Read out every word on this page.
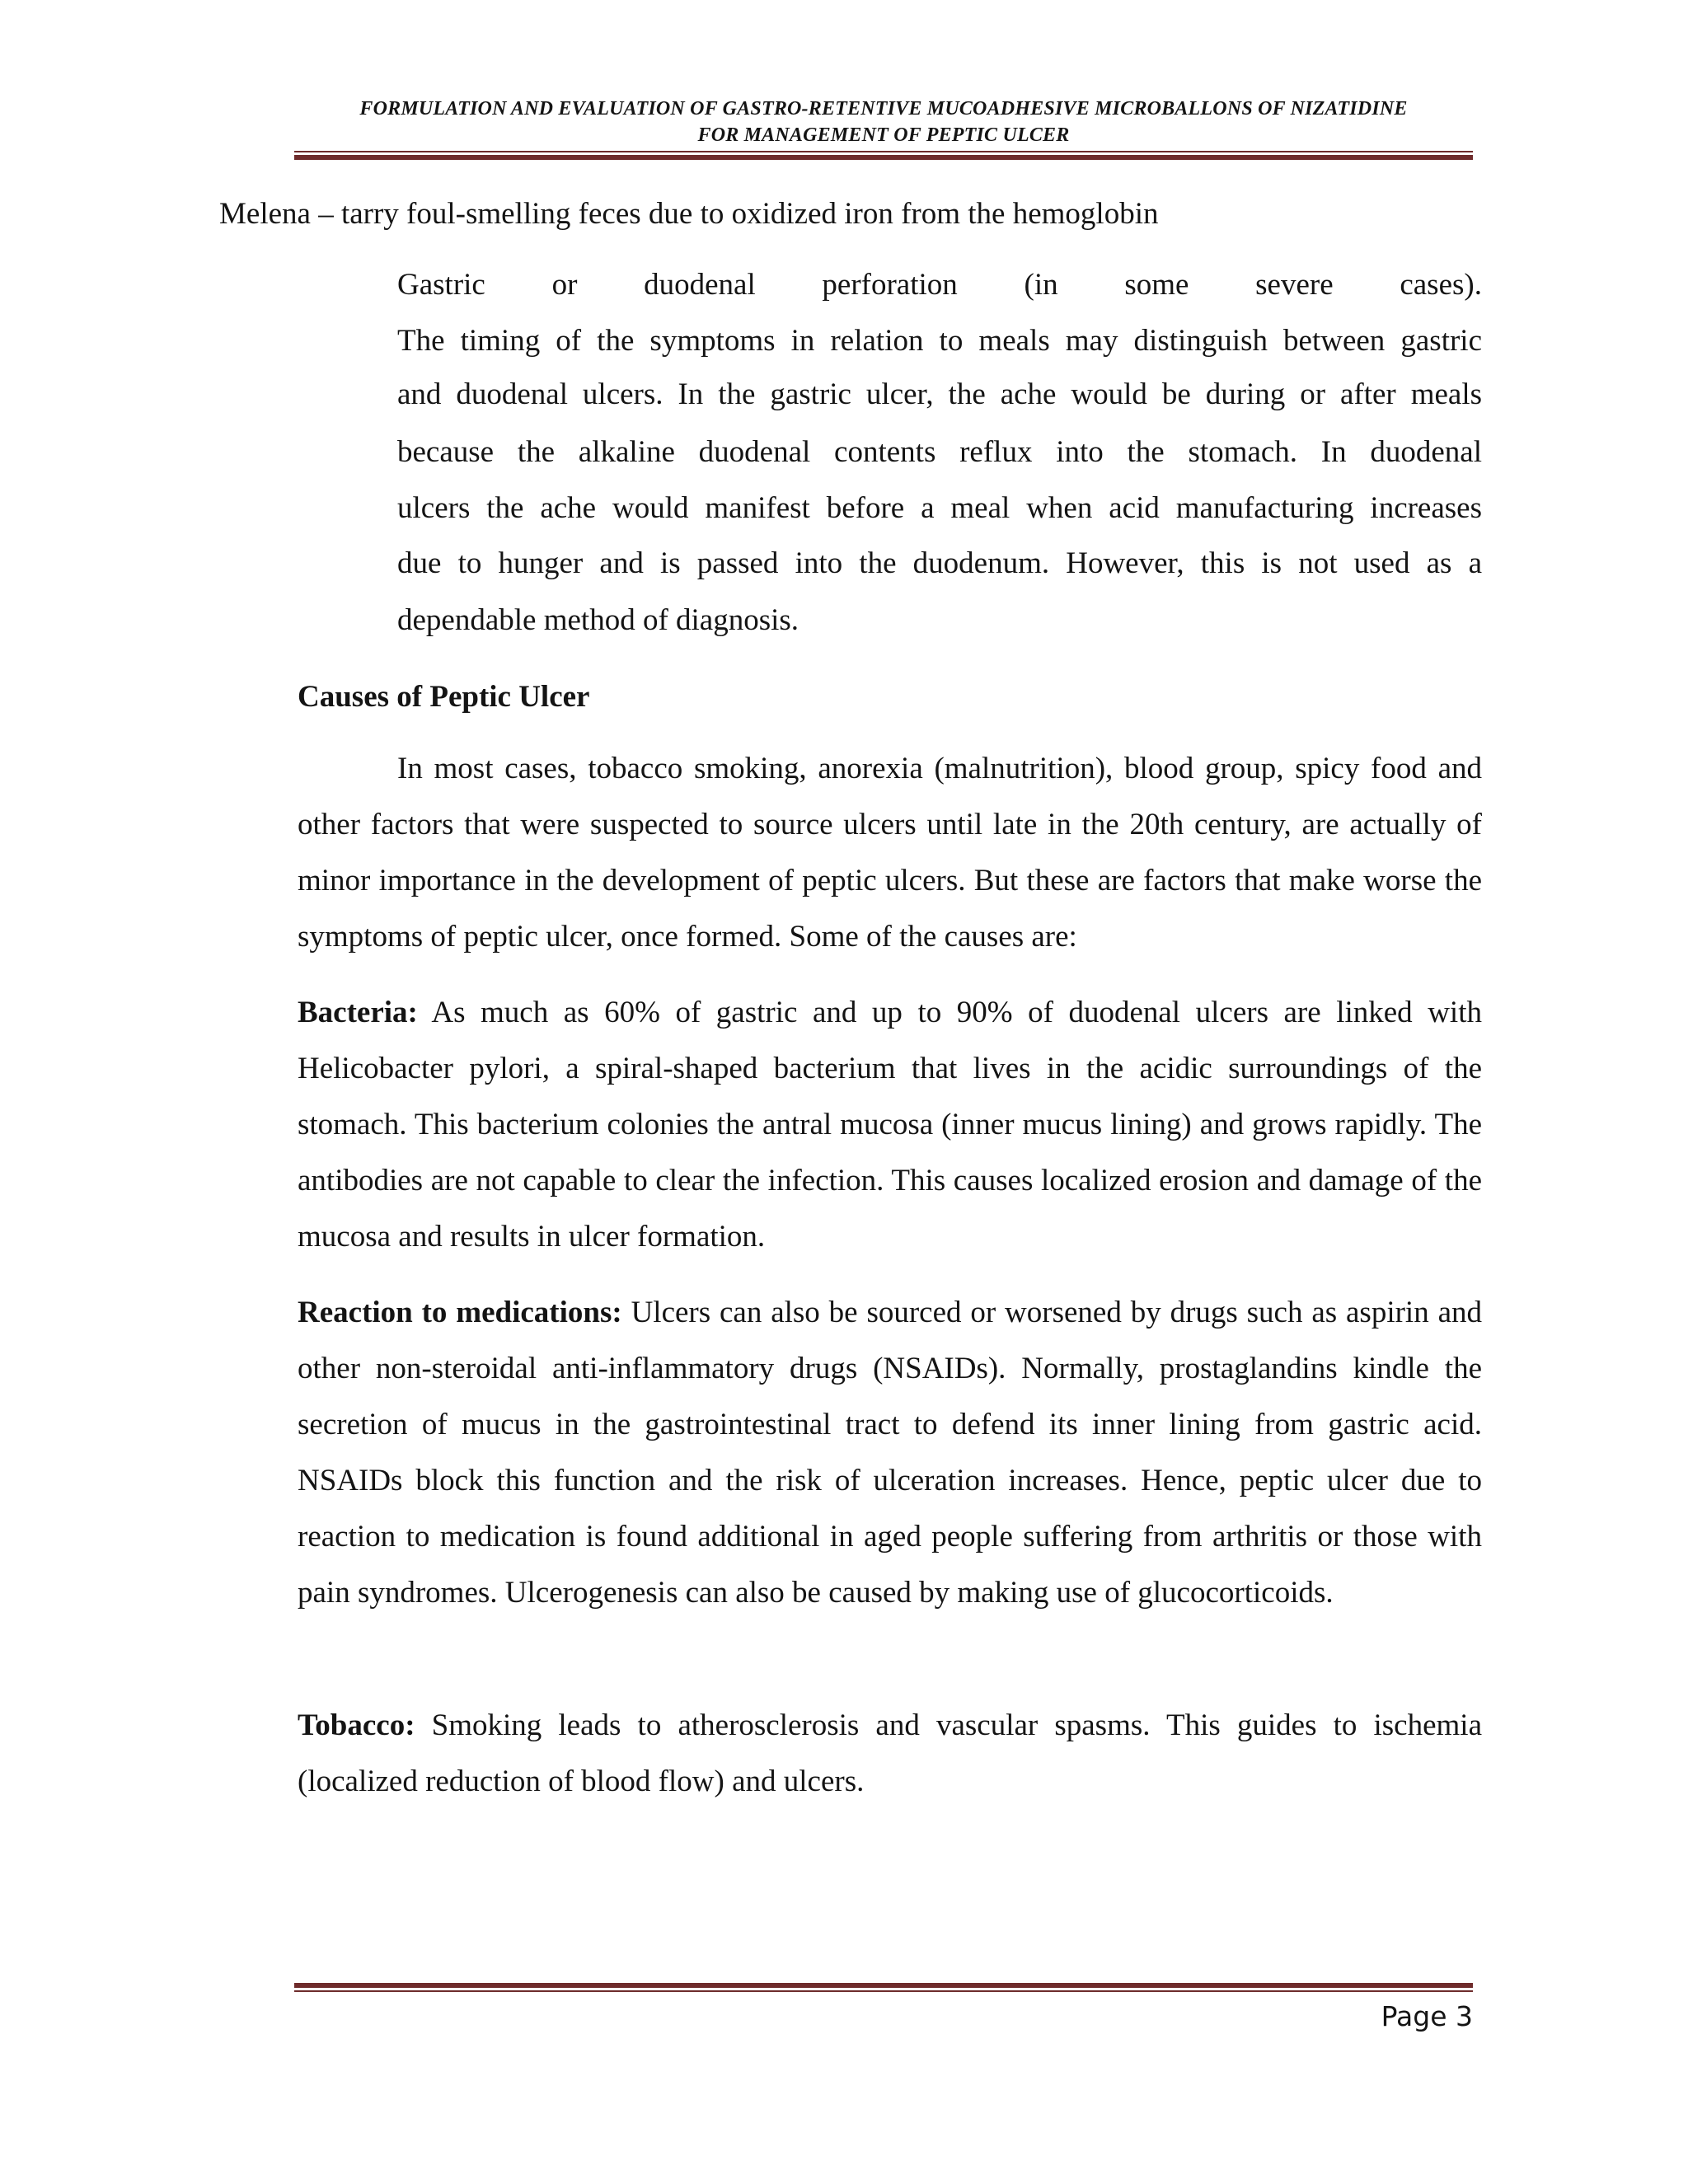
FORMULATION AND EVALUATION OF GASTRO-RETENTIVE MUCOADHESIVE MICROBALLONS OF NIZATIDINE
FOR MANAGEMENT OF PEPTIC ULCER
Melena – tarry foul-smelling feces due to oxidized iron from the hemoglobin
Gastric or duodenal perforation (in some severe cases).
The timing of the symptoms in relation to meals may distinguish between gastric
and duodenal ulcers. In the gastric ulcer, the ache would be during or after meals
because the alkaline duodenal contents reflux into the stomach. In duodenal
ulcers the ache would manifest before a meal when acid manufacturing increases
due to hunger and is passed into the duodenum. However, this is not used as a
dependable method of diagnosis.
Causes of Peptic Ulcer
In most cases, tobacco smoking, anorexia (malnutrition), blood group, spicy food and other factors that were suspected to source ulcers until late in the 20th century, are actually of minor importance in the development of peptic ulcers. But these are factors that make worse the symptoms of peptic ulcer, once formed. Some of the causes are:
Bacteria: As much as 60% of gastric and up to 90% of duodenal ulcers are linked with Helicobacter pylori, a spiral-shaped bacterium that lives in the acidic surroundings of the stomach. This bacterium colonies the antral mucosa (inner mucus lining) and grows rapidly. The antibodies are not capable to clear the infection. This causes localized erosion and damage of the mucosa and results in ulcer formation.
Reaction to medications: Ulcers can also be sourced or worsened by drugs such as aspirin and other non-steroidal anti-inflammatory drugs (NSAIDs). Normally, prostaglandins kindle the secretion of mucus in the gastrointestinal tract to defend its inner lining from gastric acid. NSAIDs block this function and the risk of ulceration increases. Hence, peptic ulcer due to reaction to medication is found additional in aged people suffering from arthritis or those with pain syndromes. Ulcerogenesis can also be caused by making use of glucocorticoids.
Tobacco: Smoking leads to atherosclerosis and vascular spasms. This guides to ischemia (localized reduction of blood flow) and ulcers.
Page 3
